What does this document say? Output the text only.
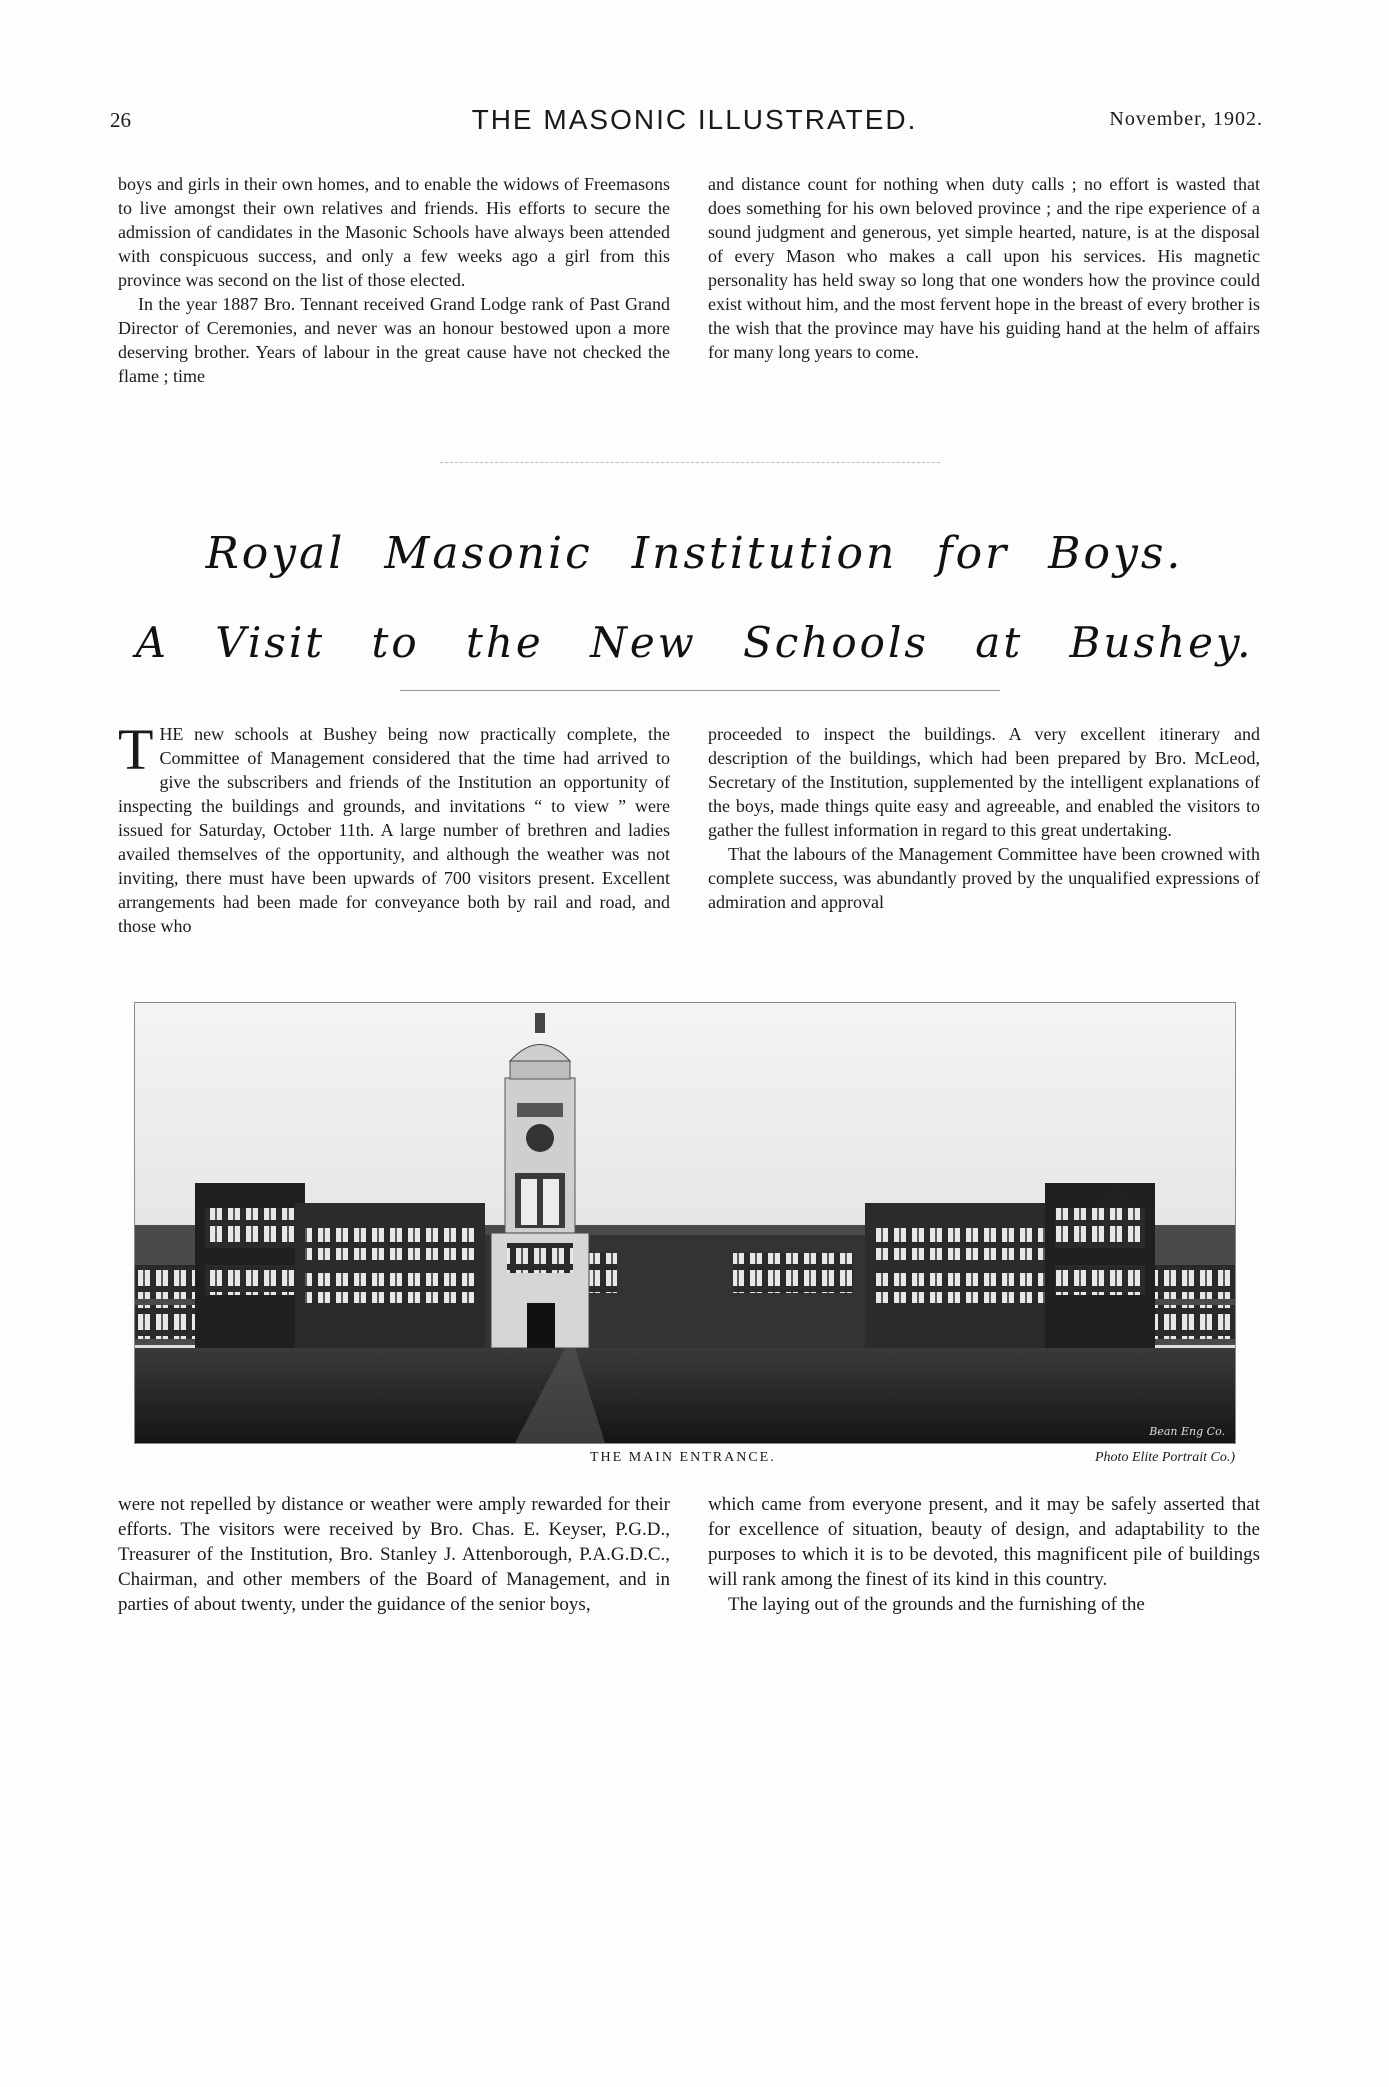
26	THE MASONIC ILLUSTRATED.	November, 1902.

boys and girls in their own homes, and to enable the widows of Freemasons to live amongst their own relatives and friends. His efforts to secure the admission of candidates in the Masonic Schools have always been attended with conspicuous success, and only a few weeks ago a girl from this province was second on the list of those elected.

In the year 1887 Bro. Tennant received Grand Lodge rank of Past Grand Director of Ceremonies, and never was an honour bestowed upon a more deserving brother. Years of labour in the great cause have not checked the flame ; time

and distance count for nothing when duty calls ; no effort is wasted that does something for his own beloved province ; and the ripe experience of a sound judgment and generous, yet simple hearted, nature, is at the disposal of every Mason who makes a call upon his services. His magnetic personality has held sway so long that one wonders how the province could exist without him, and the most fervent hope in the breast of every brother is the wish that the province may have his guiding hand at the helm of affairs for many long years to come.

Royal Masonic Institution for Boys.
A Visit to the New Schools at Bushey.

THE new schools at Bushey being now practically complete, the Committee of Management considered that the time had arrived to give the subscribers and friends of the Institution an opportunity of inspecting the buildings and grounds, and invitations “ to view ” were issued for Saturday, October 11th. A large number of brethren and ladies availed themselves of the opportunity, and although the weather was not inviting, there must have been upwards of 700 visitors present. Excellent arrangements had been made for conveyance both by rail and road, and those who

proceeded to inspect the buildings. A very excellent itinerary and description of the buildings, which had been prepared by Bro. McLeod, Secretary of the Institution, supplemented by the intelligent explanations of the boys, made things quite easy and agreeable, and enabled the visitors to gather the fullest information in regard to this great undertaking.

That the labours of the Management Committee have been crowned with complete success, was abundantly proved by the unqualified expressions of admiration and approval

Bean Eng Co.
THE MAIN ENTRANCE.	Photo Elite Portrait Co.)

were not repelled by distance or weather were amply rewarded for their efforts. The visitors were received by Bro. Chas. E. Keyser, P.G.D., Treasurer of the Institution, Bro. Stanley J. Attenborough, P.A.G.D.C., Chairman, and other members of the Board of Management, and in parties of about twenty, under the guidance of the senior boys,

which came from everyone present, and it may be safely asserted that for excellence of situation, beauty of design, and adaptability to the purposes to which it is to be devoted, this magnificent pile of buildings will rank among the finest of its kind in this country.

The laying out of the grounds and the furnishing of the
